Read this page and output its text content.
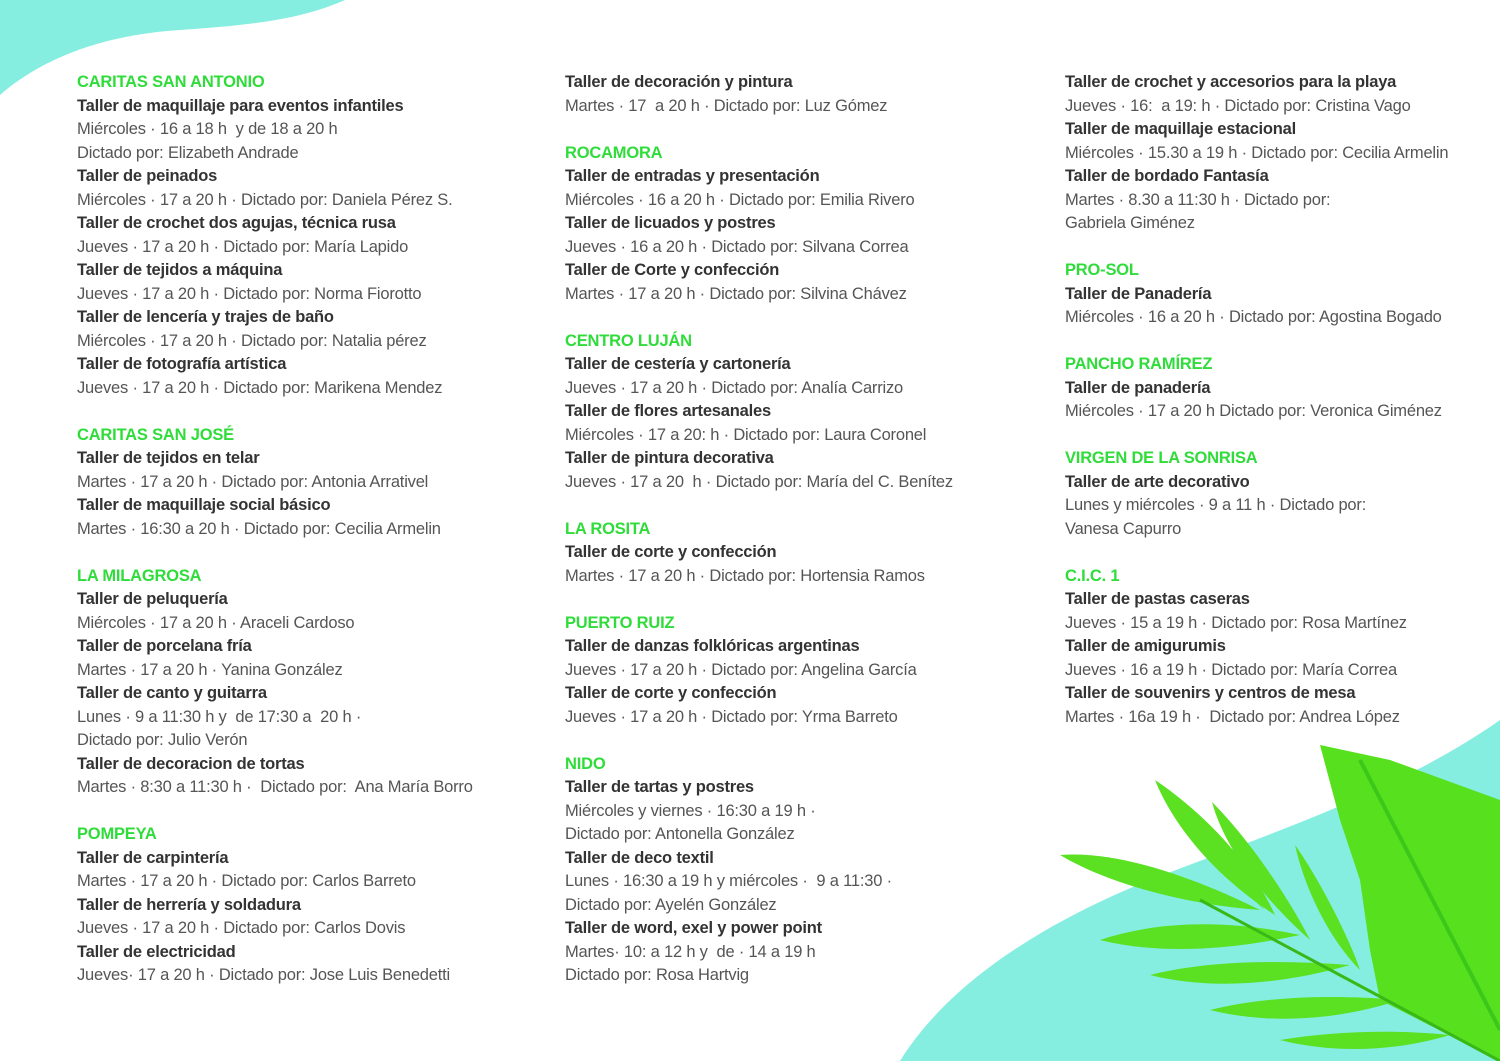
CARITAS SAN ANTONIO
Taller de maquillaje para eventos infantiles
Miércoles · 16 a 18 h  y de 18 a 20 h
Dictado por: Elizabeth Andrade
Taller de peinados
Miércoles · 17 a 20 h · Dictado por: Daniela Pérez S.
Taller de crochet dos agujas, técnica rusa
Jueves · 17 a 20 h · Dictado por: María Lapido
Taller de tejidos a máquina
Jueves · 17 a 20 h · Dictado por: Norma Fiorotto
Taller de lencería y trajes de baño
Miércoles · 17 a 20 h · Dictado por: Natalia pérez
Taller de fotografía artística
Jueves · 17 a 20 h · Dictado por: Marikena Mendez
CARITAS SAN JOSÉ
Taller de tejidos en telar
Martes · 17 a 20 h · Dictado por: Antonia Arrativel
Taller de maquillaje social básico
Martes · 16:30 a 20 h · Dictado por: Cecilia Armelin
LA MILAGROSA
Taller de peluquería
Miércoles · 17 a 20 h · Araceli Cardoso
Taller de porcelana fría
Martes · 17 a 20 h · Yanina González
Taller de canto y guitarra
Lunes · 9 a 11:30 h y  de 17:30 a  20 h ·
Dictado por: Julio Verón
Taller de decoracion de tortas
Martes · 8:30 a 11:30 h ·  Dictado por:  Ana María Borro
POMPEYA
Taller de carpintería
Martes · 17 a 20 h · Dictado por: Carlos Barreto
Taller de herrería y soldadura
Jueves · 17 a 20 h · Dictado por: Carlos Dovis
Taller de electricidad
Jueves· 17 a 20 h · Dictado por: Jose Luis Benedetti
Taller de decoración y pintura
Martes · 17  a 20 h · Dictado por: Luz Gómez
ROCAMORA
Taller de entradas y presentación
Miércoles · 16 a 20 h · Dictado por: Emilia Rivero
Taller de licuados y postres
Jueves · 16 a 20 h · Dictado por: Silvana Correa
Taller de Corte y confección
Martes · 17 a 20 h · Dictado por: Silvina Chávez
CENTRO LUJÁN
Taller de cestería y cartonería
Jueves · 17 a 20 h · Dictado por: Analía Carrizo
Taller de flores artesanales
Miércoles · 17 a 20: h · Dictado por: Laura Coronel
Taller de pintura decorativa
Jueves · 17 a 20  h · Dictado por: María del C. Benítez
LA ROSITA
Taller de corte y confección
Martes · 17 a 20 h · Dictado por: Hortensia Ramos
PUERTO RUIZ
Taller de danzas folklóricas argentinas
Jueves · 17 a 20 h · Dictado por: Angelina García
Taller de corte y confección
Jueves · 17 a 20 h · Dictado por: Yrma Barreto
NIDO
Taller de tartas y postres
Miércoles y viernes · 16:30 a 19 h ·
Dictado por: Antonella González
Taller de deco textil
Lunes · 16:30 a 19 h y miércoles ·  9 a 11:30 ·
Dictado por: Ayelén González
Taller de word, exel y power point
Martes· 10: a 12 h y  de · 14 a 19 h
Dictado por: Rosa Hartvig
Taller de crochet y accesorios para la playa
Jueves · 16:  a 19: h · Dictado por: Cristina Vago
Taller de maquillaje estacional
Miércoles · 15.30 a 19 h · Dictado por: Cecilia Armelin
Taller de bordado Fantasía
Martes · 8.30 a 11:30 h · Dictado por:
Gabriela Giménez
PRO-SOL
Taller de Panadería
Miércoles · 16 a 20 h · Dictado por: Agostina Bogado
PANCHO RAMÍREZ
Taller de panadería
Miércoles · 17 a 20 h Dictado por: Veronica Giménez
VIRGEN DE LA SONRISA
Taller de arte decorativo
Lunes y miércoles · 9 a 11 h · Dictado por:
Vanesa Capurro
C.I.C. 1
Taller de pastas caseras
Jueves · 15 a 19 h · Dictado por: Rosa Martínez
Taller de amigurumis
Jueves · 16 a 19 h · Dictado por: María Correa
Taller de souvenirs y centros de mesa
Martes · 16a 19 h ·  Dictado por: Andrea López
